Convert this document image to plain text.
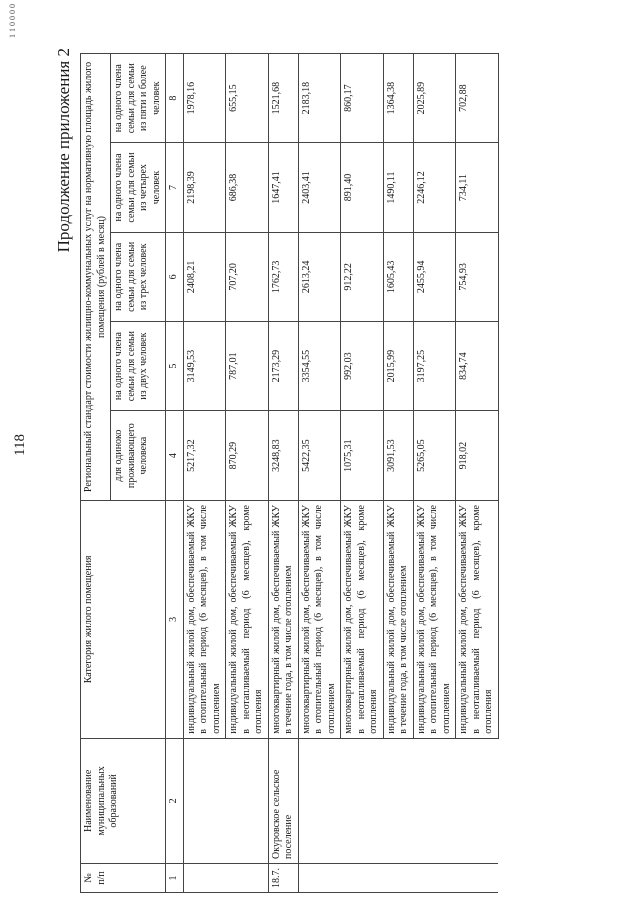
118
1 1 0 0 0 0
Продолжение приложения 2
№ п/п	Наименование муниципальных образований	Категория жилого помещения	Региональный стандарт стоимости жилищно-коммунальных услуг на нормативную площадь жилого помещения (рублей в месяц)				
			для одиноко проживающего человека	на одного члена семьи для семьи из двух человек	на одного члена семьи для семьи из трех человек	на одного члена семьи для семьи из четырех человек	на одного члена семьи для семьи из пяти и более человек
1	2	3	4	5	6	7	8
		индивидуальный жилой дом, обеспечиваемый ЖКУ в отопительный период (6 месяцев), в том числе отоплением	5217,32	3149,53	2408,21	2198,39	1978,16
		индивидуальный жилой дом, обеспечиваемый ЖКУ в неотапливаемый период (6 месяцев), кроме отопления	870,29	787,01	707,20	686,38	655,15
18.7.	Окуровское сельское поселение	многоквартирный жилой дом, обеспечиваемый ЖКУ в течение года, в том числе отоплением	3248,83	2173,29	1762,73	1647,41	1521,68
		многоквартирный жилой дом, обеспечиваемый ЖКУ в отопительный период (6 месяцев), в том числе отоплением	5422,35	3354,55	2613,24	2403,41	2183,18
		многоквартирный жилой дом, обеспечиваемый ЖКУ в неотапливаемый период (6 месяцев), кроме отопления	1075,31	992,03	912,22	891,40	860,17
		индивидуальный жилой дом, обеспечиваемый ЖКУ в течение года, в том числе отоплением	3091,53	2015,99	1605,43	1490,11	1364,38
		индивидуальный жилой дом, обеспечиваемый ЖКУ в отопительный период (6 месяцев), в том числе отоплением	5265,05	3197,25	2455,94	2246,12	2025,89
		индивидуальный жилой дом, обеспечиваемый ЖКУ в неотапливаемый период (6 месяцев), кроме отопления	918,02	834,74	754,93	734,11	702,88
